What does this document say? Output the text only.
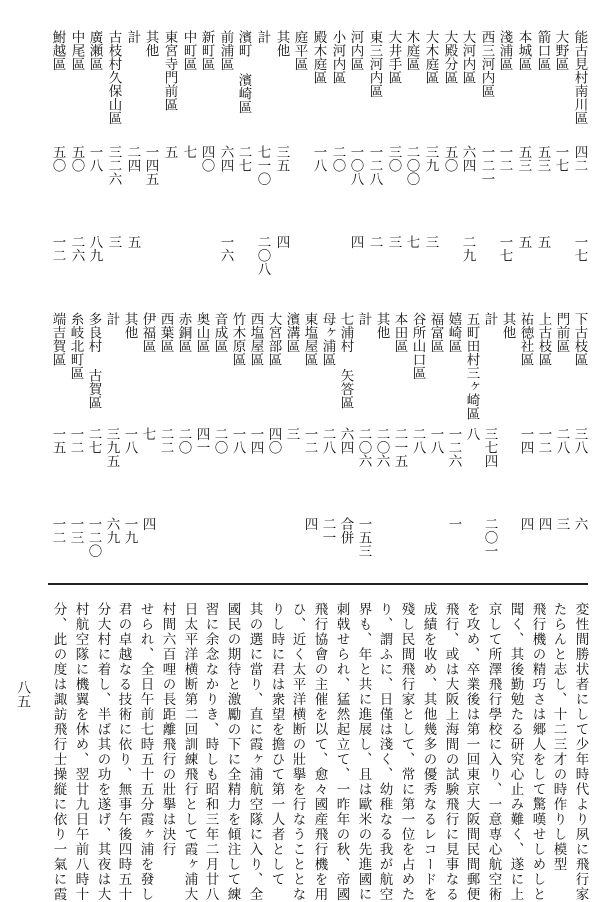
能古見村南川區
四二
一七
大野區
一七
箭口區
五三
五
本城區
五三
五
淺浦區
一二
一七
西三河内區
一二一
大河内區
六四
二九
大殿分區
五〇
大木庭區
三九
三
木庭區
二〇〇
七
大井手區
三〇
三
東三河内區
一二八
二
河内區
一〇八
四
小河内區
二〇
殿木庭區
一八
庭平區
其他
三五
四
計
七一〇
二〇八
濱町 濱崎區
二七
前浦區
六四
一六
新町區
四〇
中町區
七
東宮寺門前區
五
其他
一四五
計
二四
五
古枝村久保山區
三二六
三
廣瀬區
一八
八九
中尾區
五〇
二六
鮒越區
五〇
一二
下古枝區
三八
六
門前區
二八
三
上古枝區
一二
四
祐徳社區
一四
四
其他
計
三七四
二〇一
五町田村三ヶ崎區
八
嬉崎區
一二六
一
福富區
一八
谷所山口區
二八
本田區
二一五
其他
二〇六
計
二〇六
一五三
七浦村 矢答區
六四
合併
母ヶ浦區
二八
二一
東塩屋區
一二
四
濱溝區
三
大宮部區
四〇
西塩屋區
一四
竹木原區
一八
音成區
二〇
奥山區
四一
赤銅區
二〇
西葉區
二二
伊福區
七
四
其他
一八
一九
計
三九五
六九
多良村 古賀區
二七
一二〇
糸岐北町區
一二
一三
端吉賀區
一五
一二
変性間勝状者にして少年時代より夙に飛行家
たらんと志し、十二三才の時作りし模型
飛行機の精巧さは郷人をして驚嘆せしめしと
聞く、其後勤勉たる研究心止み難く、遂に上
京して所澤飛行學校に入り、一意専心航空術
を攻め、卒業後は第一回東京大阪間民間郵便
飛行、或は大阪上海間の試験飛行に見事なる
成績を收め、其他幾多の優秀なるレコードを
殘し民間飛行家として、常に第一位を占めた
り、謂ふに、日僅は淺く、幼稚なる我が航空
界も、年と共に進展し、且は歐米の先進國に
刺戟せられ、猛然起立て、一昨年の秋、帝國
飛行協會の主催を以て、愈々國産飛行機を用
ひ、近く太平洋横断の壯擧を行なうこととな
りし時に君は衆望を擔ひて第一人者として
其の選に當り、直に霞ヶ浦航空隊に入り、全
國民の期待と激勵の下に全精力を傾注して練
習に余念なかりき、時しも昭和三年二月廿八
日太平洋横断第二回訓練飛行として霞ヶ浦大
村間六百哩の長距離飛行の壯擧は決行
せられ、全日午前七時五十五分霞ヶ浦を發し
君の卓越なる技術に依り、無事午後四時五十
分大村に着し、半ば其の功を遂げ、其夜は大
村航空隊に機翼を休め、翌廿九日午前八時十
分、此の度は諏訪飛行士操縦に依り一氣に霞
八五
